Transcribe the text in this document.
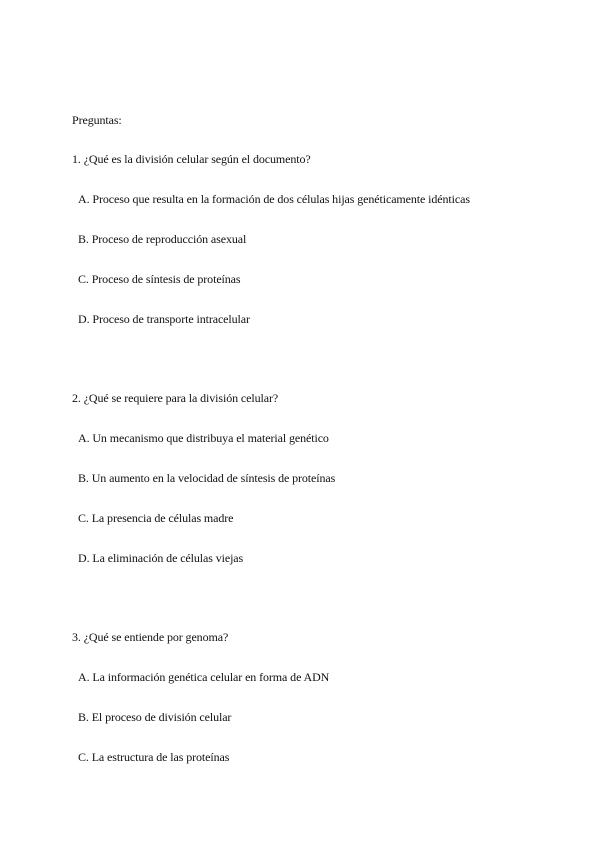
Preguntas:
1. ¿Qué es la división celular según el documento?
A. Proceso que resulta en la formación de dos células hijas genéticamente idénticas
B. Proceso de reproducción asexual
C. Proceso de síntesis de proteínas
D. Proceso de transporte intracelular
2. ¿Qué se requiere para la división celular?
A. Un mecanismo que distribuya el material genético
B. Un aumento en la velocidad de síntesis de proteínas
C. La presencia de células madre
D. La eliminación de células viejas
3. ¿Qué se entiende por genoma?
A. La información genética celular en forma de ADN
B. El proceso de división celular
C. La estructura de las proteínas
